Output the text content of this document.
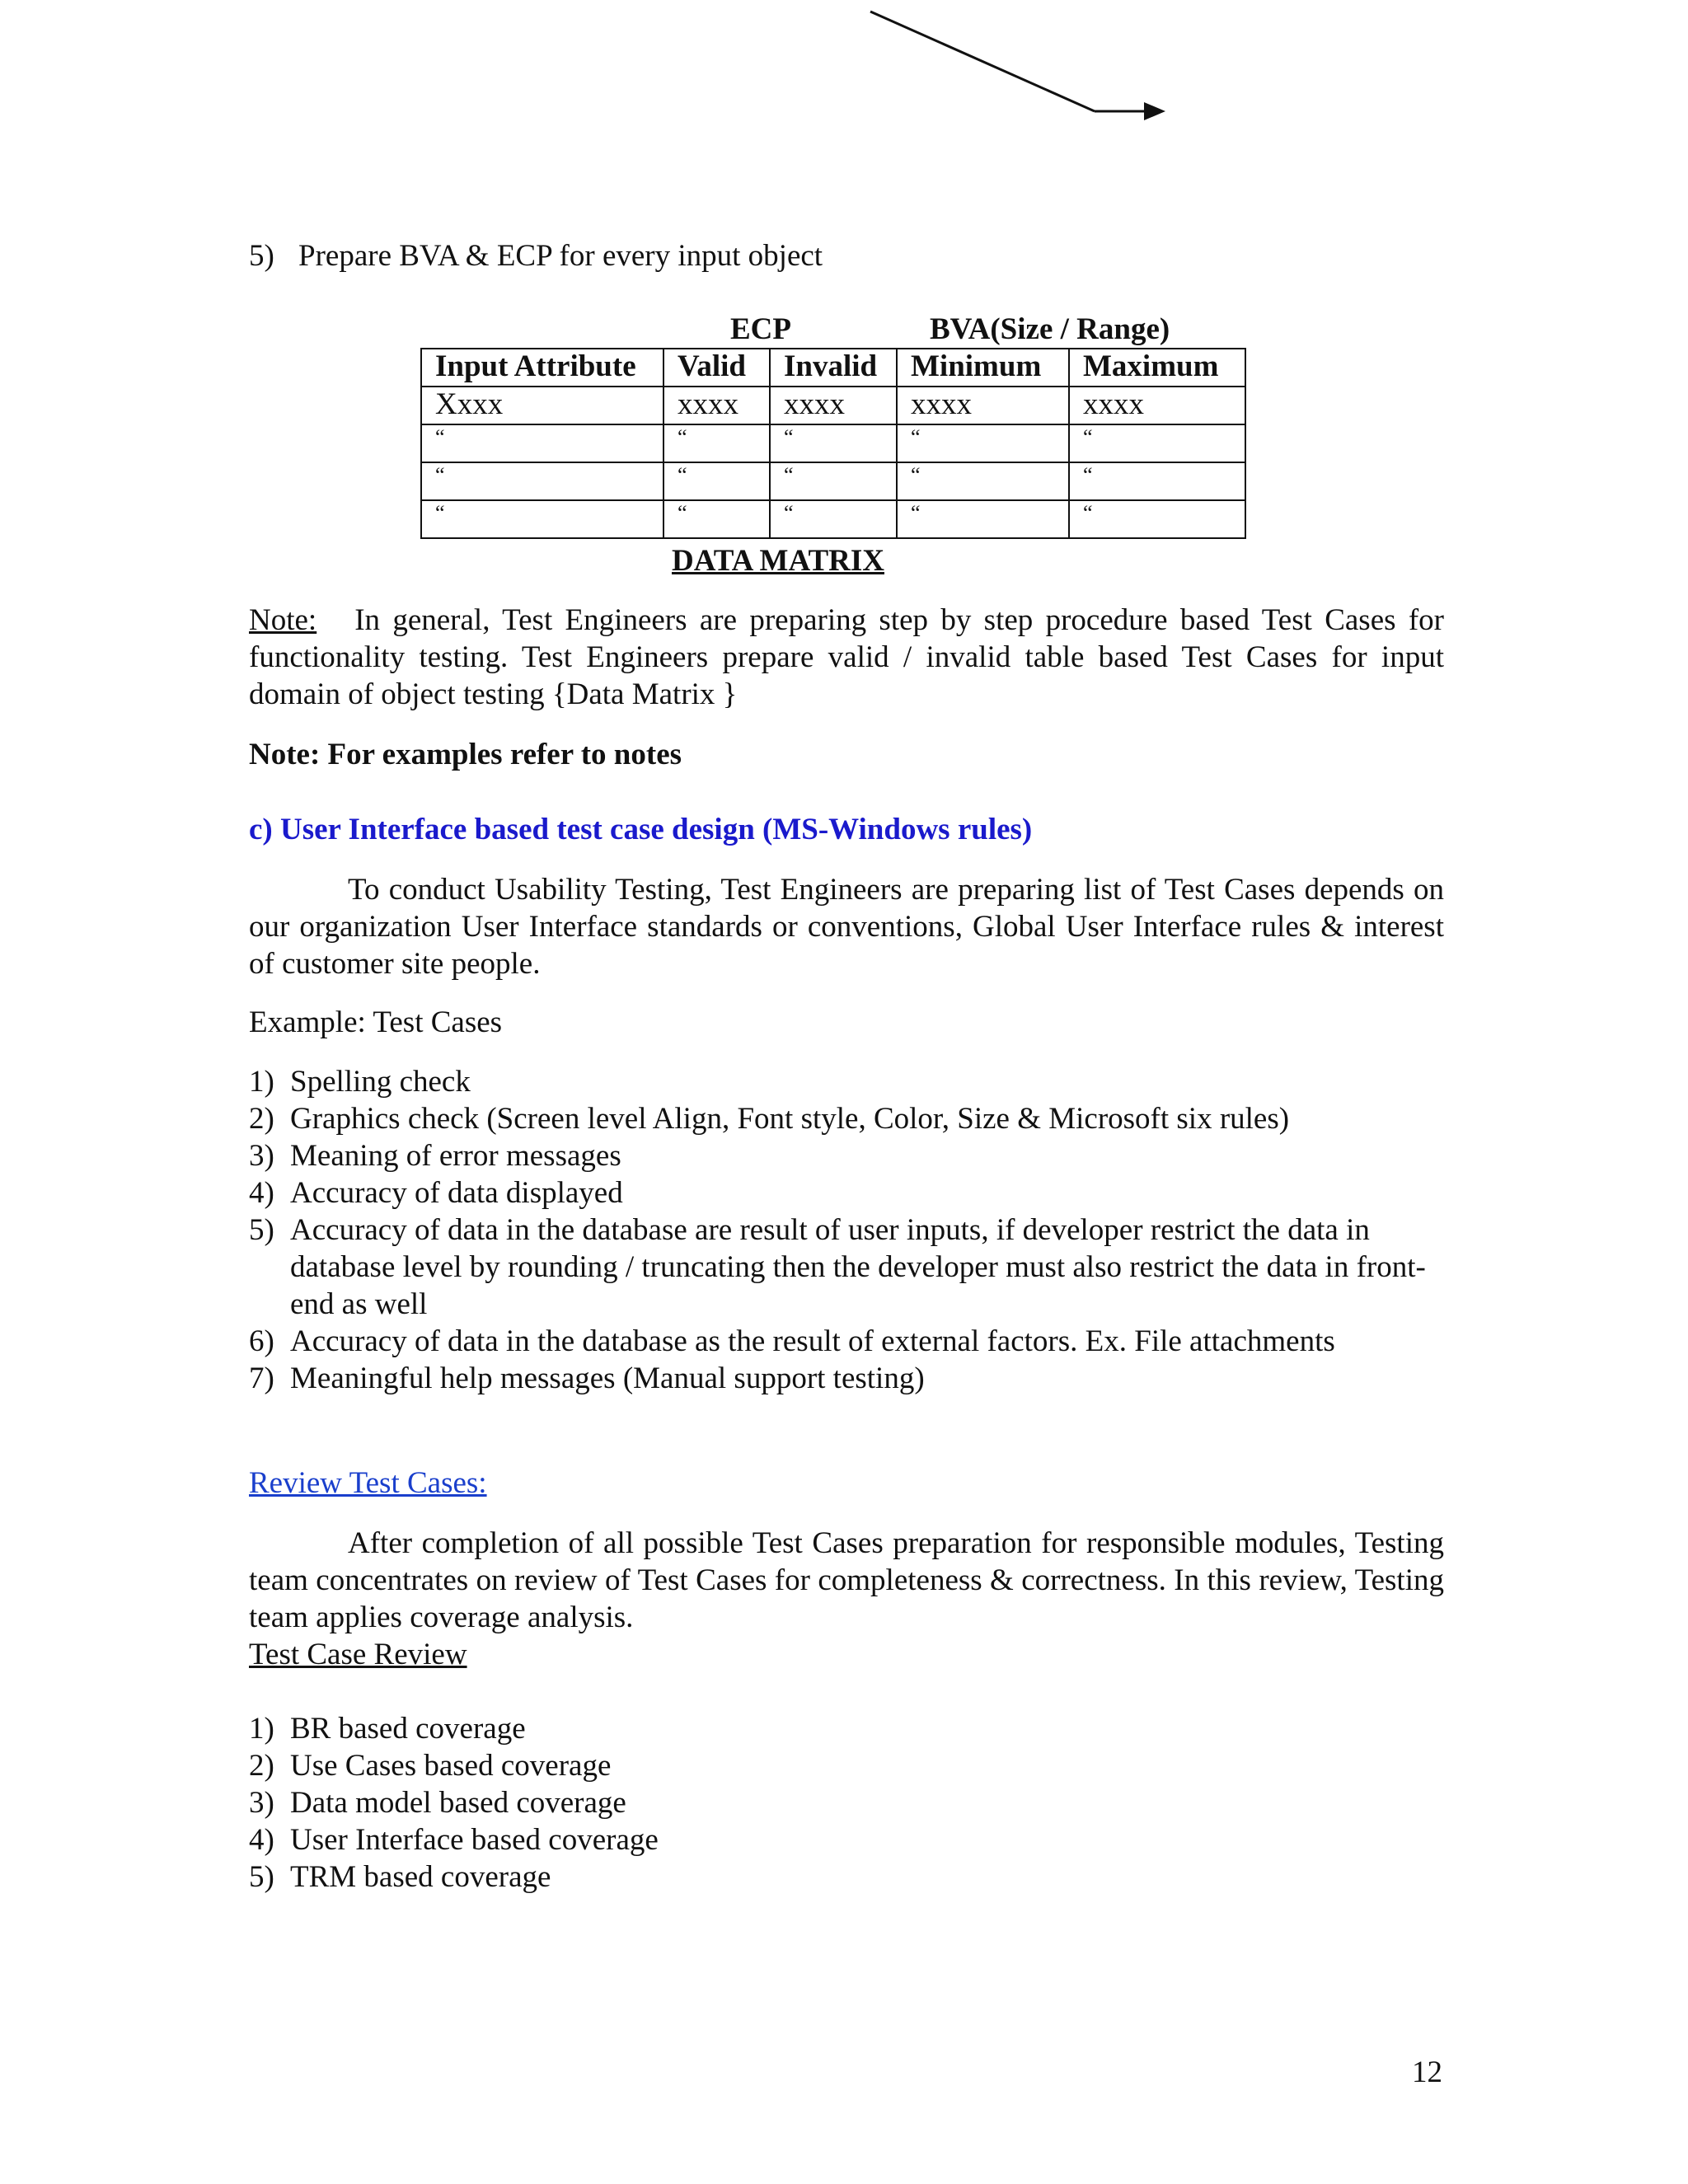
5) Prepare BVA & ECP for every input object
ECP	BVA(Size / Range)
Input Attribute	Valid	Invalid	Minimum	Maximum
Xxxx	xxxx	xxxx	xxxx	xxxx
“	“	“	“	“
“	“	“	“	“
“	“	“	“	“
DATA MATRIX
Note: In general, Test Engineers are preparing step by step procedure based Test Cases for functionality testing. Test Engineers prepare valid / invalid table based Test Cases for input domain of object testing {Data Matrix }
Note: For examples refer to notes
c) User Interface based test case design (MS-Windows rules)
To conduct Usability Testing, Test Engineers are preparing list of Test Cases depends on our organization User Interface standards or conventions, Global User Interface rules & interest of customer site people.
Example: Test Cases
1) Spelling check
2) Graphics check (Screen level Align, Font style, Color, Size & Microsoft six rules)
3) Meaning of error messages
4) Accuracy of data displayed
5) Accuracy of data in the database are result of user inputs, if developer restrict the data in database level by rounding / truncating then the developer must also restrict the data in front-end as well
6) Accuracy of data in the database as the result of external factors. Ex. File attachments
7) Meaningful help messages (Manual support testing)
Review Test Cases:
After completion of all possible Test Cases preparation for responsible modules, Testing team concentrates on review of Test Cases for completeness & correctness. In this review, Testing team applies coverage analysis.
Test Case Review
1) BR based coverage
2) Use Cases based coverage
3) Data model based coverage
4) User Interface based coverage
5) TRM based coverage
12
